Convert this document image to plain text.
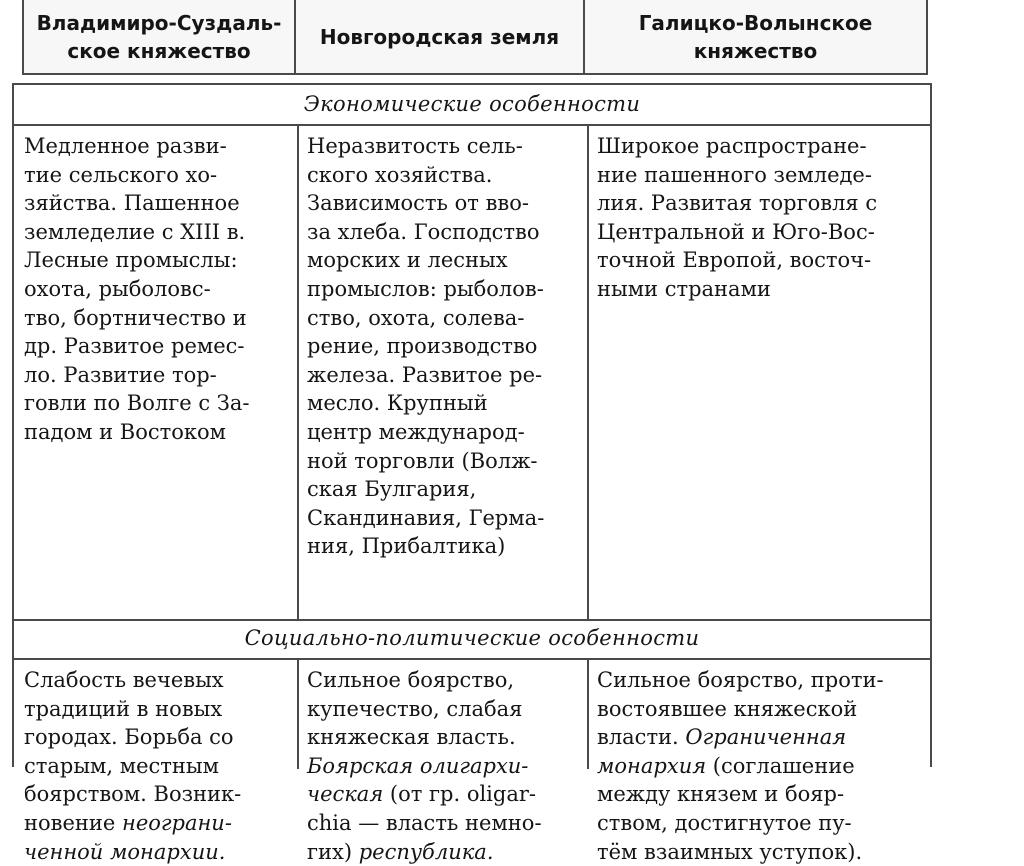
Владимиро-Суздаль-
ское княжество
Новгородская земля
Галицко-Волынское
княжество
Экономические особенности
Медленное разви-
тие сельского хо-
зяйства. Пашенное
земледелие с XIII в.
Лесные промыслы:
охота, рыболовс-
тво, бортничество и
др. Развитое ремес-
ло. Развитие тор-
говли по Волге с За-
падом и Востоком
Неразвитость сель-
ского хозяйства.
Зависимость от вво-
за хлеба. Господство
морских и лесных
промыслов: рыболов-
ство, охота, солева-
рение, производство
железа. Развитое ре-
месло. Крупный
центр международ-
ной торговли (Волж-
ская Булгария,
Скандинавия, Герма-
ния, Прибалтика)
Широкое распростране-
ние пашенного земледе-
лия. Развитая торговля с
Центральной и Юго-Вос-
точной Европой, восточ-
ными странами
Социально-политические особенности
Слабость вечевых
традиций в новых
городах. Борьба со
старым, местным
боярством. Возник-
новение неограни-
ченной монархии.
Сильное боярство,
купечество, слабая
княжеская власть.
Боярская олигархи-
ческая (от гр. oligar-
chia — власть немно-
гих) республика.
Сильное боярство, проти-
востоявшее княжеской
власти. Ограниченная
монархия (соглашение
между князем и бояр-
ством, достигнутое пу-
тём взаимных уступок).
